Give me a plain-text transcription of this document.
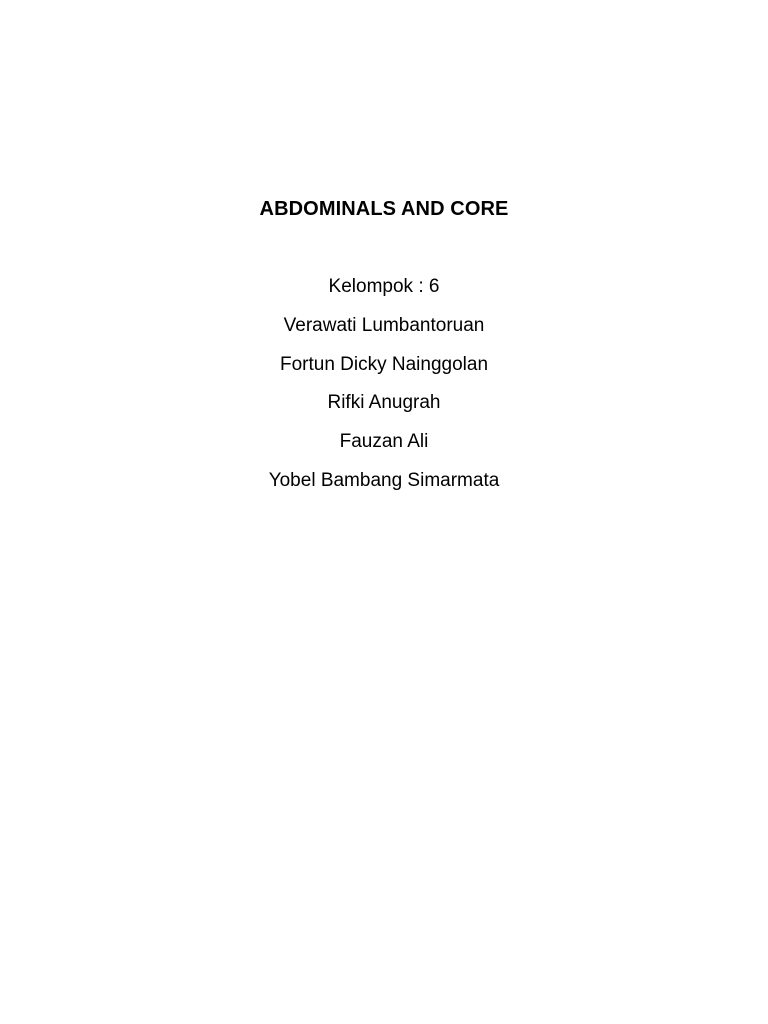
ABDOMINALS AND CORE
Kelompok : 6
Verawati Lumbantoruan
Fortun Dicky Nainggolan
Rifki Anugrah
Fauzan Ali
Yobel Bambang Simarmata
